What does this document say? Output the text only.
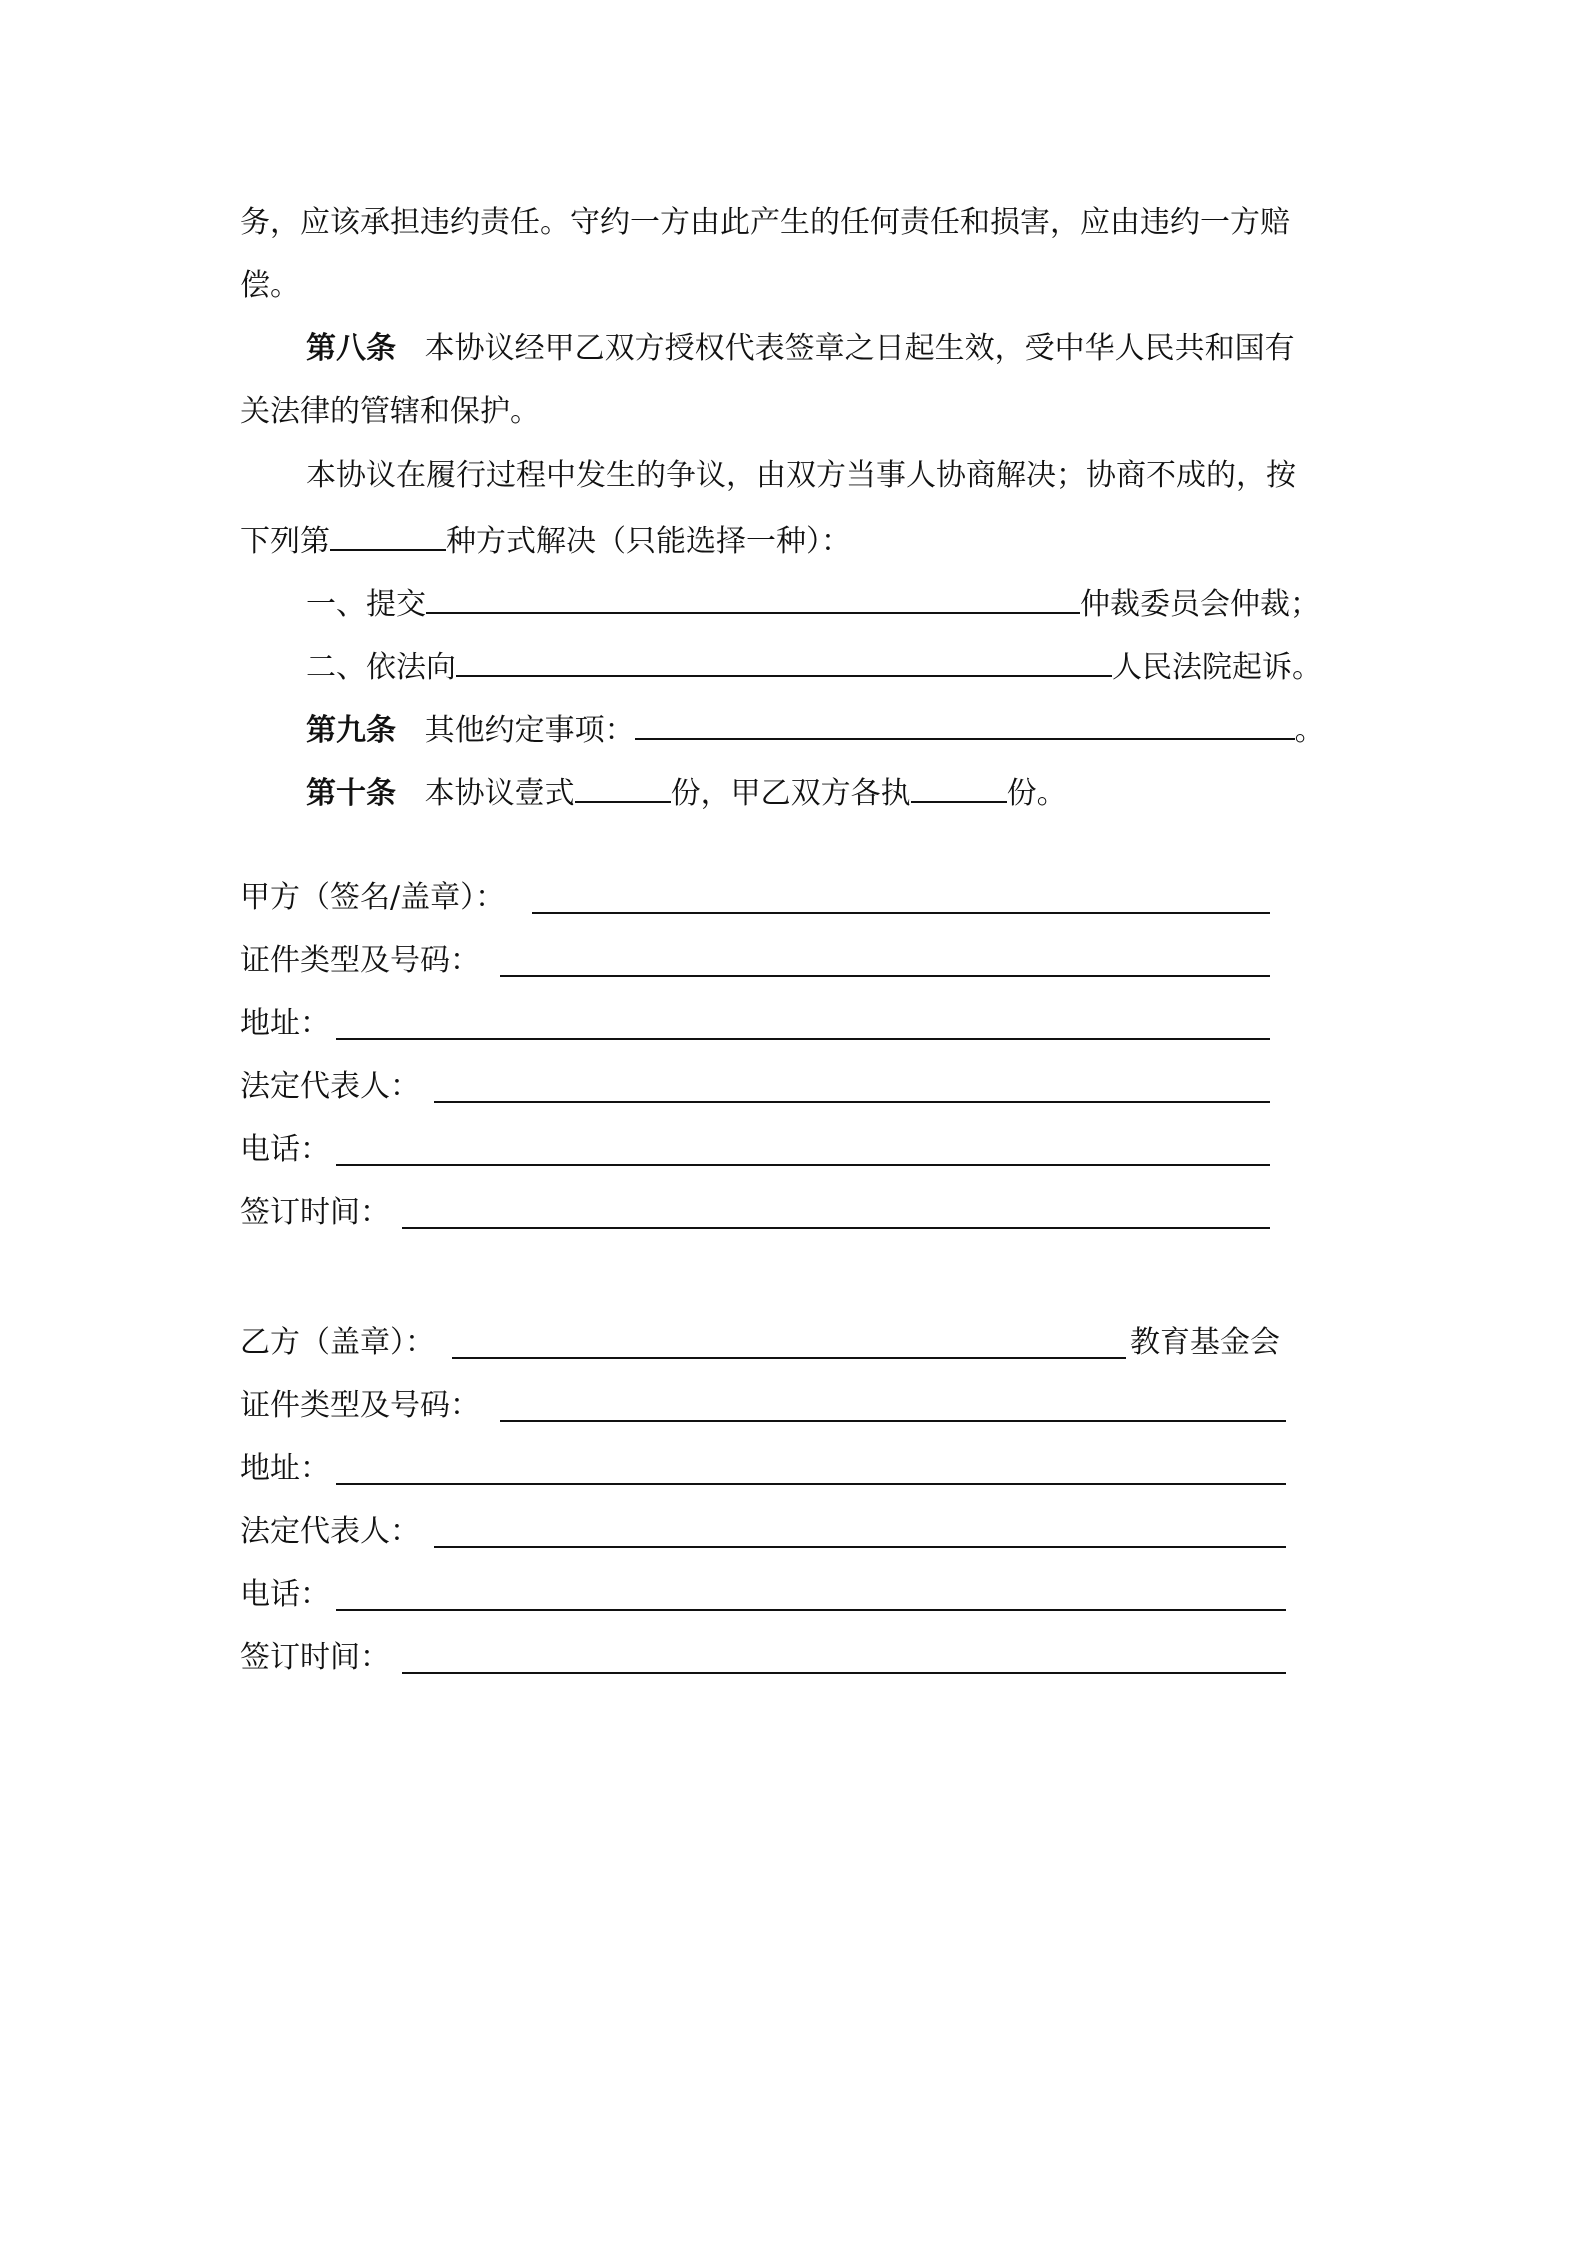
务，应该承担违约责任。守约一方由此产生的任何责任和损害，应由违约一方赔
偿。
第八条 本协议经甲乙双方授权代表签章之日起生效，受中华人民共和国有
关法律的管辖和保护。
本协议在履行过程中发生的争议，由双方当事人协商解决；协商不成的，按
下列第	种方式解决（只能选择一种）：
一、提交	仲裁委员会仲裁；
二、依法向	人民法院起诉。
第九条 其他约定事项：	。
第十条 本协议壹式	份，甲乙双方各执	份。
甲方（签名/盖章）：
证件类型及号码：
地址：
法定代表人：
电话：
签订时间：
乙方（盖章）：	教育基金会
证件类型及号码：
地址：
法定代表人：
电话：
签订时间：
